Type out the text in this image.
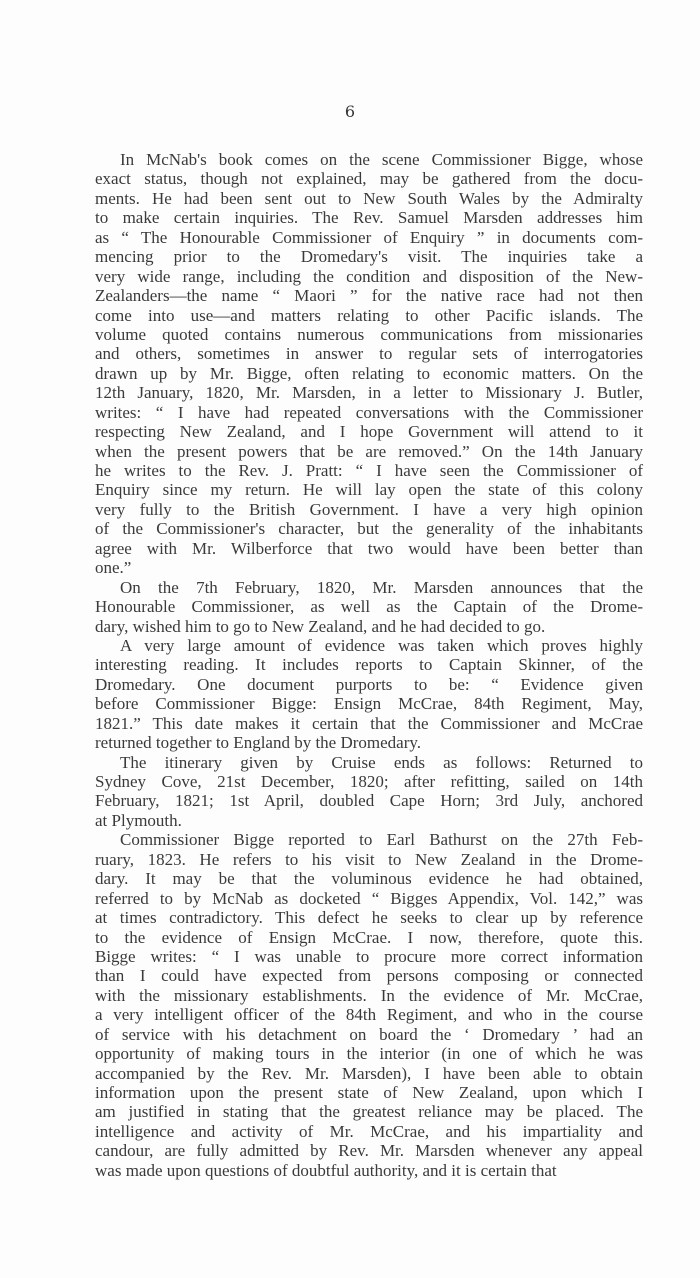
6

In McNab's book comes on the scene Commissioner Bigge, whose
exact status, though not explained, may be gathered from the docu-
ments. He had been sent out to New South Wales by the Admiralty
to make certain inquiries. The Rev. Samuel Marsden addresses him
as “ The Honourable Commissioner of Enquiry ” in documents com-
mencing prior to the Dromedary's visit. The inquiries take a
very wide range, including the condition and disposition of the New-
Zealanders—the name “ Maori ” for the native race had not then
come into use—and matters relating to other Pacific islands. The
volume quoted contains numerous communications from missionaries
and others, sometimes in answer to regular sets of interrogatories
drawn up by Mr. Bigge, often relating to economic matters. On the
12th January, 1820, Mr. Marsden, in a letter to Missionary J. Butler,
writes: “ I have had repeated conversations with the Commissioner
respecting New Zealand, and I hope Government will attend to it
when the present powers that be are removed.” On the 14th January
he writes to the Rev. J. Pratt: “ I have seen the Commissioner of
Enquiry since my return. He will lay open the state of this colony
very fully to the British Government. I have a very high opinion
of the Commissioner's character, but the generality of the inhabitants
agree with Mr. Wilberforce that two would have been better than
one.”

On the 7th February, 1820, Mr. Marsden announces that the
Honourable Commissioner, as well as the Captain of the Drome-
dary, wished him to go to New Zealand, and he had decided to go.

A very large amount of evidence was taken which proves highly
interesting reading. It includes reports to Captain Skinner, of the
Dromedary. One document purports to be: “ Evidence given
before Commissioner Bigge: Ensign McCrae, 84th Regiment, May,
1821.” This date makes it certain that the Commissioner and McCrae
returned together to England by the Dromedary.

The itinerary given by Cruise ends as follows: Returned to
Sydney Cove, 21st December, 1820; after refitting, sailed on 14th
February, 1821; 1st April, doubled Cape Horn; 3rd July, anchored
at Plymouth.

Commissioner Bigge reported to Earl Bathurst on the 27th Feb-
ruary, 1823. He refers to his visit to New Zealand in the Drome-
dary. It may be that the voluminous evidence he had obtained,
referred to by McNab as docketed “ Bigges Appendix, Vol. 142,” was
at times contradictory. This defect he seeks to clear up by reference
to the evidence of Ensign McCrae. I now, therefore, quote this.
Bigge writes: “ I was unable to procure more correct information
than I could have expected from persons composing or connected
with the missionary establishments. In the evidence of Mr. McCrae,
a very intelligent officer of the 84th Regiment, and who in the course
of service with his detachment on board the ‘ Dromedary ’ had an
opportunity of making tours in the interior (in one of which he was
accompanied by the Rev. Mr. Marsden), I have been able to obtain
information upon the present state of New Zealand, upon which I
am justified in stating that the greatest reliance may be placed. The
intelligence and activity of Mr. McCrae, and his impartiality and
candour, are fully admitted by Rev. Mr. Marsden whenever any appeal
was made upon questions of doubtful authority, and it is certain that
